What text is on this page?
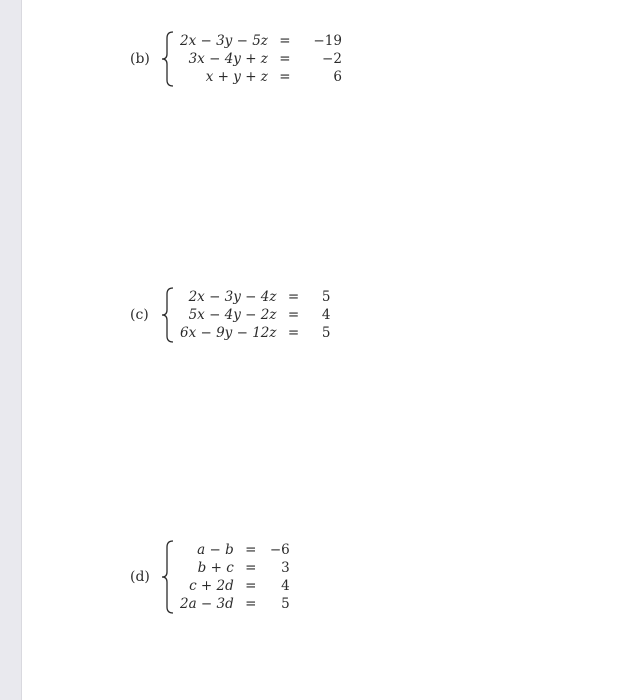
(b)
2x − 3y − 5z	=	−19
3x − 4y + z	=	−2
x + y + z	=	6
(c)
2x − 3y − 4z	=	5
5x − 4y − 2z	=	4
6x − 9y − 12z	=	5
(d)
a − b	=	−6
b + c	=	3
c + 2d	=	4
2a − 3d	=	5
